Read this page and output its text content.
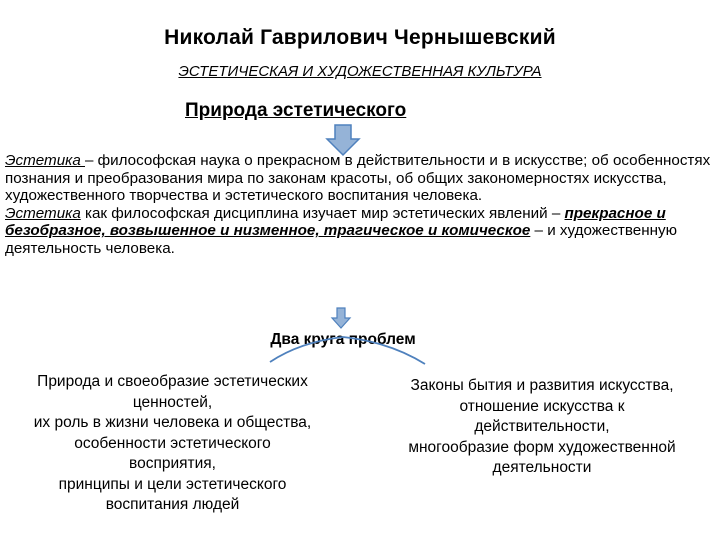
Николай Гаврилович Чернышевский
ЭСТЕТИЧЕСКАЯ И ХУДОЖЕСТВЕННАЯ КУЛЬТУРА
Природа эстетического

Эстетика – философская наука о прекрасном в действительности и в искусстве; об особенностях познания и преобразования мира по законам красоты, об общих закономерностях искусства, художественного творчества и эстетического воспитания человека.

Эстетика как философская дисциплина изучает мир эстетических явлений – прекрасное и безобразное, возвышенное и низменное, трагическое и комическое – и художественную деятельность человека.

Два круга проблем
Природа и своеобразие эстетических
ценностей,
их роль в жизни человека и общества,
особенности эстетического
восприятия,
принципы и цели эстетического
воспитания людей
Законы бытия и развития искусства,
отношение искусства к
действительности,
многообразие форм художественной
деятельности
